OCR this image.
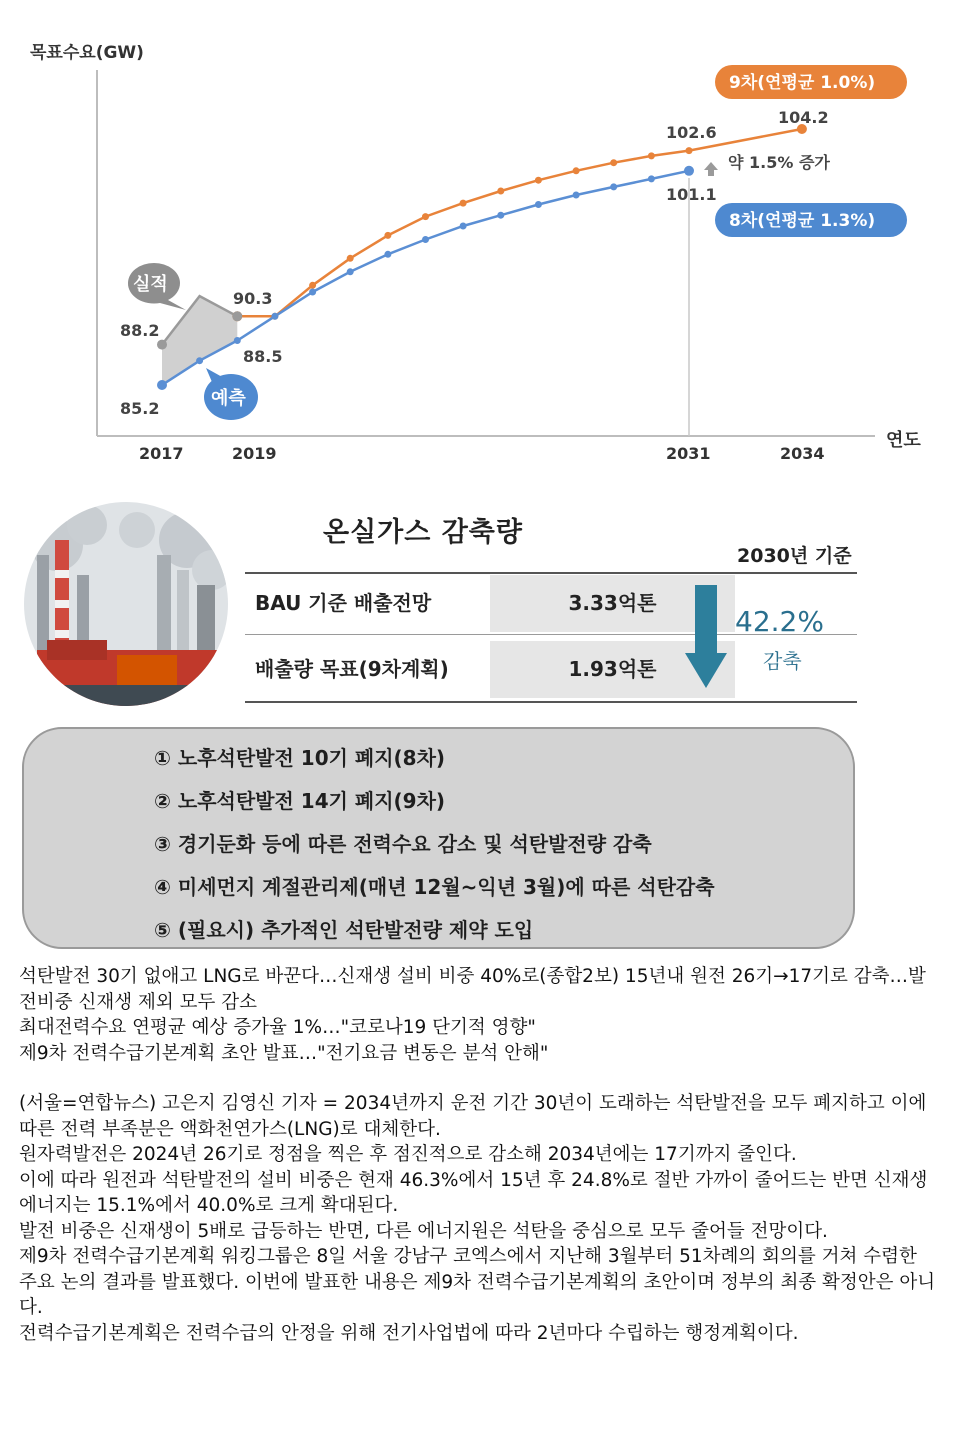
목표수요(GW)
연도
2017	2019	2031	2034
85.2
88.2
90.3
88.5
102.6
104.2
101.1
실적
예측
약 1.5% 증가
9차(연평균 1.0%)
8차(연평균 1.3%)
온실가스 감축량
2030년 기준
BAU 기준 배출전망	3.33억톤
배출량 목표(9차계획)	1.93억톤
42.2%
감축
① 노후석탄발전 10기 폐지(8차)
② 노후석탄발전 14기 폐지(9차)
③ 경기둔화 등에 따른 전력수요 감소 및 석탄발전량 감축
④ 미세먼지 계절관리제(매년 12월~익년 3월)에 따른 석탄감축
⑤ (필요시) 추가적인 석탄발전량 제약 도입

석탄발전 30기 없애고 LNG로 바꾼다…신재생 설비 비중 40%로(종합2보) 15년내 원전 26기→17기로 감축…발전비중 신재생 제외 모두 감소

최대전력수요 연평균 예상 증가율 1%…"코로나19 단기적 영향"

제9차 전력수급기본계획 초안 발표…"전기요금 변동은 분석 안해"

(서울=연합뉴스) 고은지 김영신 기자 = 2034년까지 운전 기간 30년이 도래하는 석탄발전을 모두 폐지하고 이에 따른 전력 부족분은 액화천연가스(LNG)로 대체한다.

원자력발전은 2024년 26기로 정점을 찍은 후 점진적으로 감소해 2034년에는 17기까지 줄인다.

이에 따라 원전과 석탄발전의 설비 비중은 현재 46.3%에서 15년 후 24.8%로 절반 가까이 줄어드는 반면 신재생에너지는 15.1%에서 40.0%로 크게 확대된다.

발전 비중은 신재생이 5배로 급등하는 반면, 다른 에너지원은 석탄을 중심으로 모두 줄어들 전망이다.

제9차 전력수급기본계획 워킹그룹은 8일 서울 강남구 코엑스에서 지난해 3월부터 51차례의 회의를 거쳐 수렴한 주요 논의 결과를 발표했다. 이번에 발표한 내용은 제9차 전력수급기본계획의 초안이며 정부의 최종 확정안은 아니다.

전력수급기본계획은 전력수급의 안정을 위해 전기사업법에 따라 2년마다 수립하는 행정계획이다.
